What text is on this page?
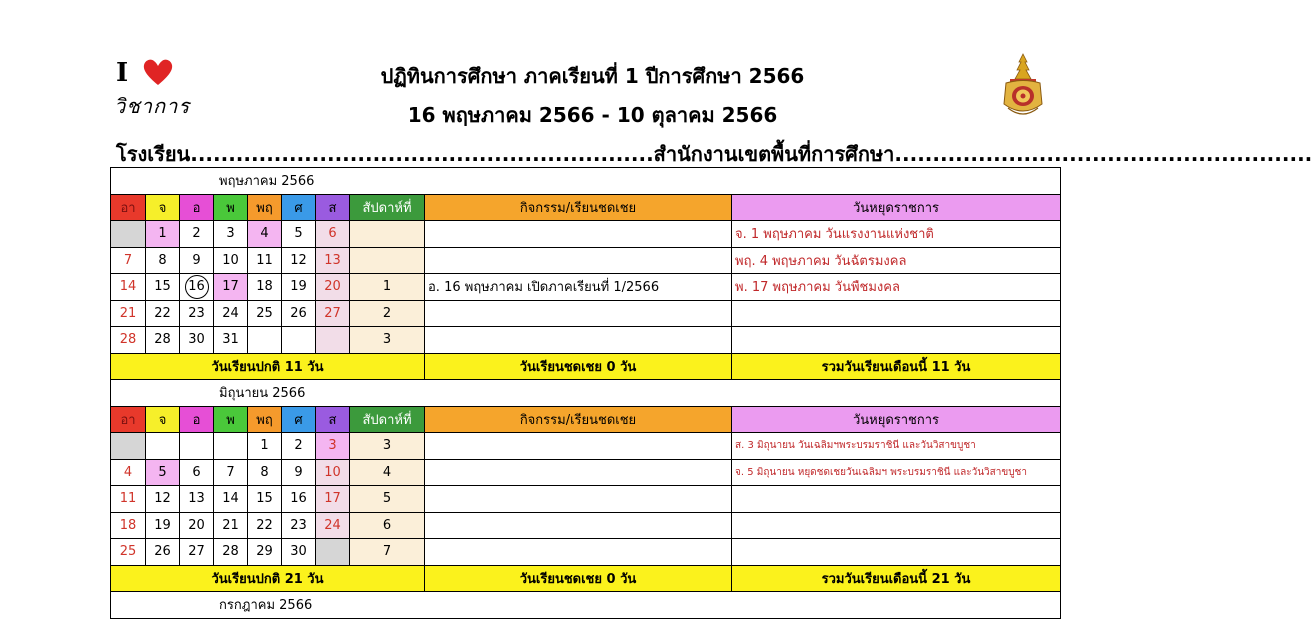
I
วิชาการ
ปฏิทินการศึกษา ภาคเรียนที่ 1 ปีการศึกษา 2566
16 พฤษภาคม 2566 - 10 ตุลาคม 2566
โรงเรียน.............................................................สำนักงานเขตพื้นที่การศึกษา.......................................................
พฤษภาคม 2566									
อา	จ	อ	พ	พฤ	ศ	ส	สัปดาห์ที่	กิจกรรม/เรียนชดเชย	วันหยุดราชการ
	1	2	3	4	5	6			จ. 1 พฤษภาคม วันแรงงานแห่งชาติ
7	8	9	10	11	12	13			พฤ. 4 พฤษภาคม วันฉัตรมงคล
14	15	16	17	18	19	20	1	อ. 16 พฤษภาคม เปิดภาคเรียนที่ 1/2566	พ. 17 พฤษภาคม วันพืชมงคล
21	22	23	24	25	26	27	2		
28	28	30	31				3		
วันเรียนปกติ 11 วัน								วันเรียนชดเชย 0 วัน	รวมวันเรียนเดือนนี้ 11 วัน
มิถุนายน 2566									
อา	จ	อ	พ	พฤ	ศ	ส	สัปดาห์ที่	กิจกรรม/เรียนชดเชย	วันหยุดราชการ
				1	2	3	3		ส. 3 มิถุนายน วันเฉลิมฯพระบรมราชินี และวันวิสาขบูชา
4	5	6	7	8	9	10	4		จ. 5 มิถุนายน หยุดชดเชยวันเฉลิมฯ พระบรมราชินี และวันวิสาขบูชา
11	12	13	14	15	16	17	5		
18	19	20	21	22	23	24	6		
25	26	27	28	29	30		7		
วันเรียนปกติ 21 วัน								วันเรียนชดเชย 0 วัน	รวมวันเรียนเดือนนี้ 21 วัน
กรกฎาคม 2566									
